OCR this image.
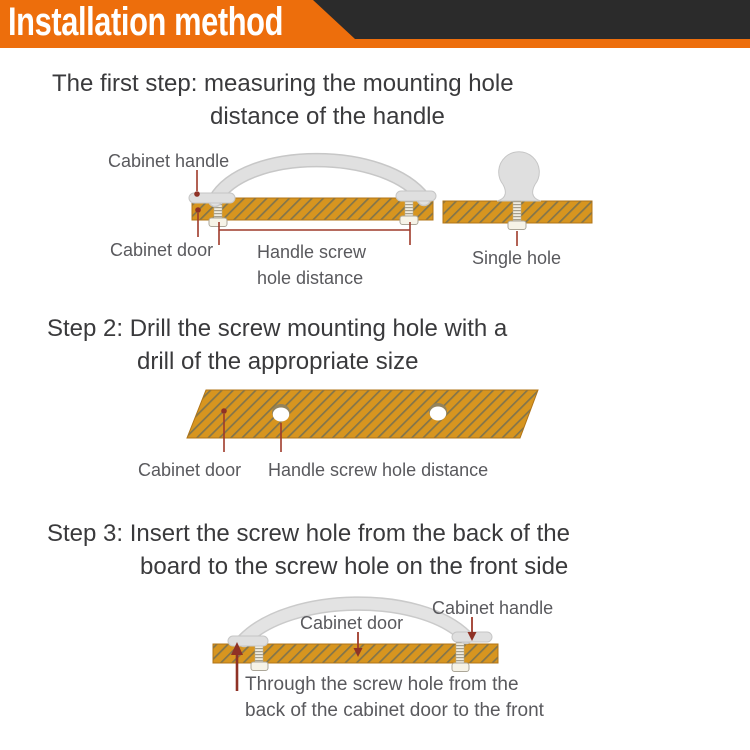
Installation method
The first step: measuring the mounting hole
distance of the handle
Cabinet handle
Cabinet door Handle screw
hole distance
Single hole
Step 2: Drill the screw mounting hole with a
drill of the appropriate size
Cabinet door Handle screw hole distance
Step 3: Insert the screw hole from the back of the
board to the screw hole on the front side
Cabinet door
Cabinet handle
Through the screw hole from the
back of the cabinet door to the front
